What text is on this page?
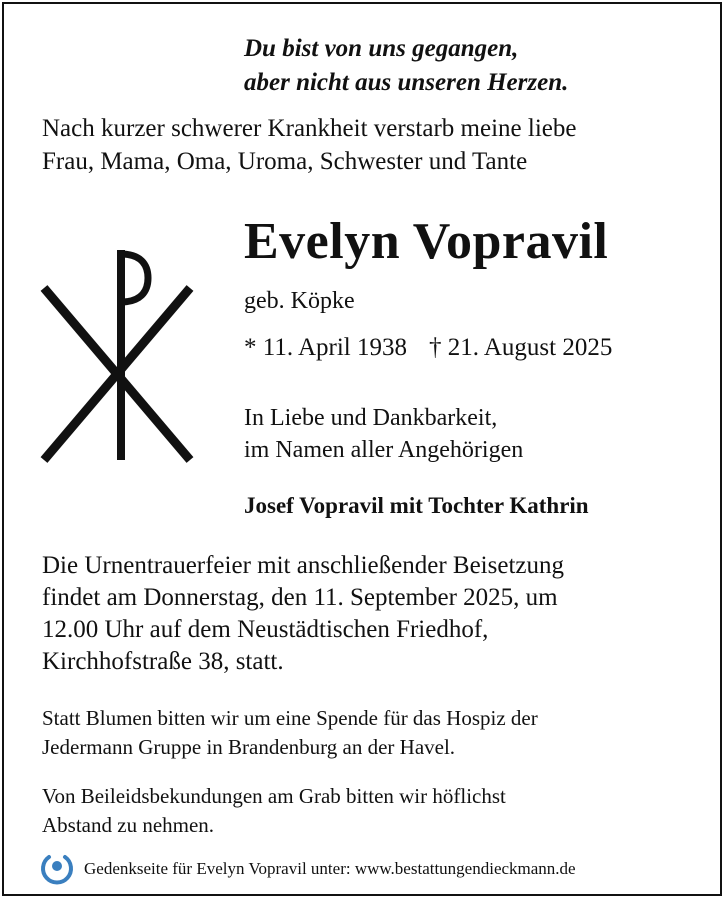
Du bist von uns gegangen,
aber nicht aus unseren Herzen.
Nach kurzer schwerer Krankheit verstarb meine liebe
Frau, Mama, Oma, Uroma, Schwester und Tante
Evelyn Vopravil
geb. Köpke
* 11. April 1938 † 21. August 2025
In Liebe und Dankbarkeit,
im Namen aller Angehörigen
Josef Vopravil mit Tochter Kathrin
Die Urnentrauerfeier mit anschließender Beisetzung
findet am Donnerstag, den 11. September 2025, um
12.00 Uhr auf dem Neustädtischen Friedhof,
Kirchhofstraße 38, statt.
Statt Blumen bitten wir um eine Spende für das Hospiz der
Jedermann Gruppe in Brandenburg an der Havel.
Von Beileidsbekundungen am Grab bitten wir höflichst
Abstand zu nehmen.
Gedenkseite für Evelyn Vopravil unter: www.bestattungendieckmann.de
